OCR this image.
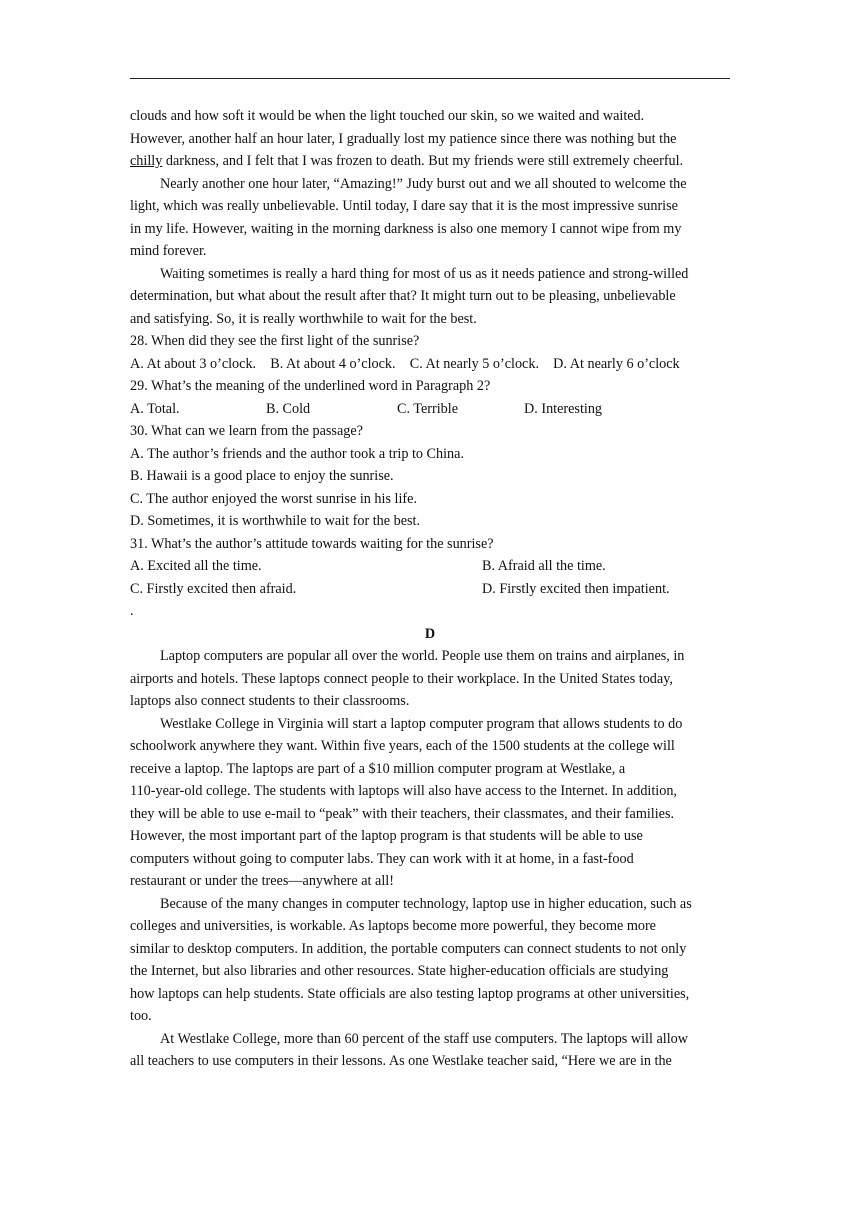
clouds and how soft it would be when the light touched our skin, so we waited and waited.
However, another half an hour later, I gradually lost my patience since there was nothing but the
chilly darkness, and I felt that I was frozen to death. But my friends were still extremely cheerful.
Nearly another one hour later, “Amazing!” Judy burst out and we all shouted to welcome the
light, which was really unbelievable. Until today, I dare say that it is the most impressive sunrise
in my life. However, waiting in the morning darkness is also one memory I cannot wipe from my
mind forever.
Waiting sometimes is really a hard thing for most of us as it needs patience and strong-willed
determination, but what about the result after that? It might turn out to be pleasing, unbelievable
and satisfying. So, it is really worthwhile to wait for the best.
28. When did they see the first light of the sunrise?
A. At about 3 o’clock.    B. At about 4 o’clock.    C. At nearly 5 o’clock.    D. At nearly 6 o’clock
29. What’s the meaning of the underlined word in Paragraph 2?
A. Total.	B. Cold	C. Terrible	D. Interesting
30. What can we learn from the passage?
A. The author’s friends and the author took a trip to China.
B. Hawaii is a good place to enjoy the sunrise.
C. The author enjoyed the worst sunrise in his life.
D. Sometimes, it is worthwhile to wait for the best.
31. What’s the author’s attitude towards waiting for the sunrise?
A. Excited all the time.	B. Afraid all the time.
C. Firstly excited then afraid.	D. Firstly excited then impatient.
.
D
Laptop computers are popular all over the world. People use them on trains and airplanes, in
airports and hotels. These laptops connect people to their workplace. In the United States today,
laptops also connect students to their classrooms.
Westlake College in Virginia will start a laptop computer program that allows students to do
schoolwork anywhere they want. Within five years, each of the 1500 students at the college will
receive a laptop. The laptops are part of a $10 million computer program at Westlake, a
110-year-old college. The students with laptops will also have access to the Internet. In addition,
they will be able to use e-mail to “peak” with their teachers, their classmates, and their families.
However, the most important part of the laptop program is that students will be able to use
computers without going to computer labs. They can work with it at home, in a fast-food
restaurant or under the trees—anywhere at all!
Because of the many changes in computer technology, laptop use in higher education, such as
colleges and universities, is workable. As laptops become more powerful, they become more
similar to desktop computers. In addition, the portable computers can connect students to not only
the Internet, but also libraries and other resources. State higher-education officials are studying
how laptops can help students. State officials are also testing laptop programs at other universities,
too.
At Westlake College, more than 60 percent of the staff use computers. The laptops will allow
all teachers to use computers in their lessons. As one Westlake teacher said, “Here we are in the
